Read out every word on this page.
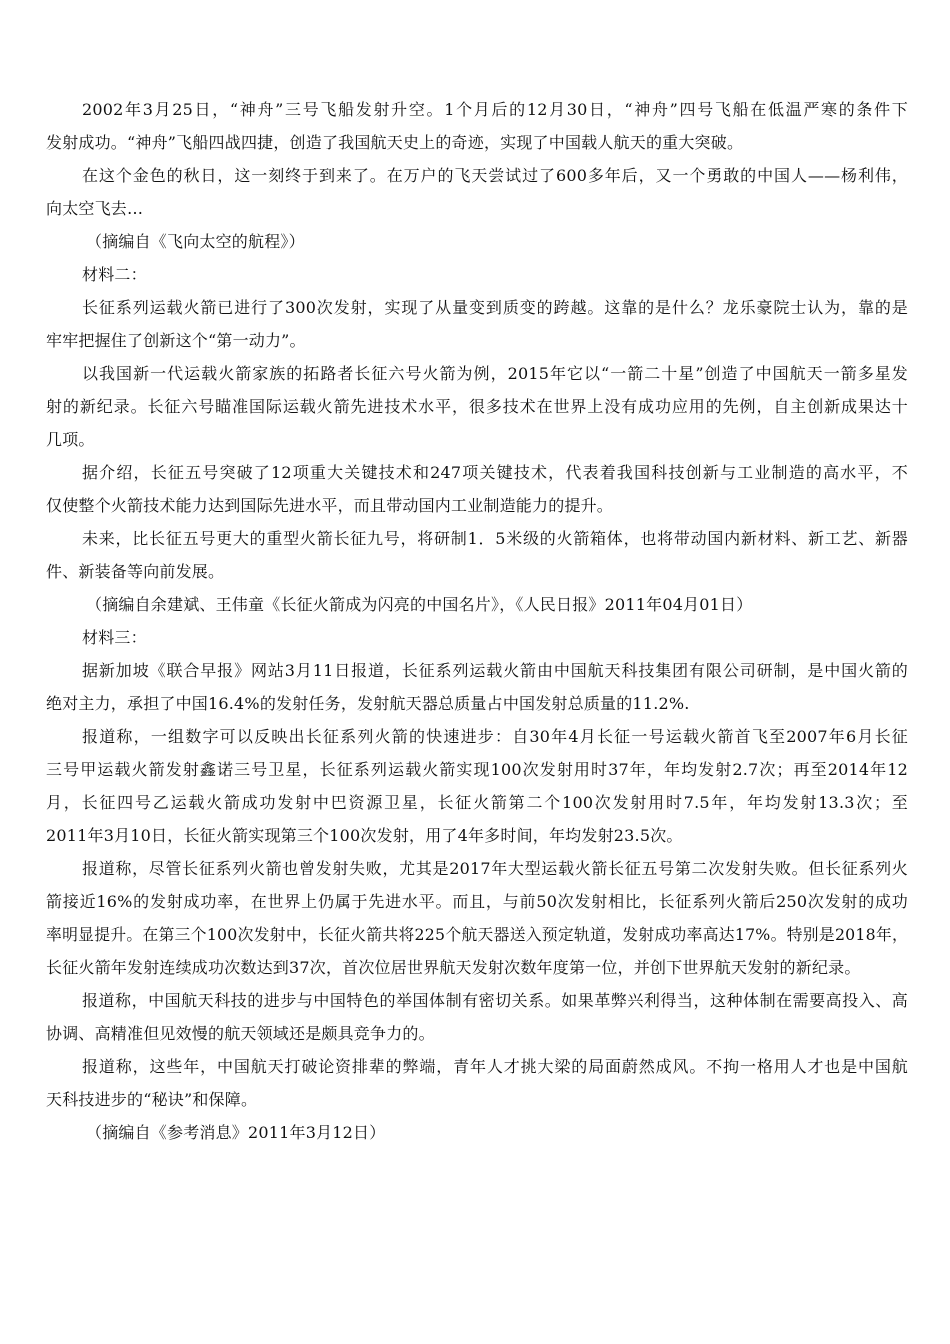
2002年3月25日，“神舟”三号飞船发射升空。1个月后的12月30日，“神舟”四号飞船在低温严寒的条件下
发射成功。“神舟”飞船四战四捷，创造了我国航天史上的奇迹，实现了中国载人航天的重大突破。
在这个金色的秋日，这一刻终于到来了。在万户的飞天尝试过了600多年后，又一个勇敢的中国人——杨利伟，
向太空飞去…
（摘编自《飞向太空的航程》）
材料二：
长征系列运载火箭已进行了300次发射，实现了从量变到质变的跨越。这靠的是什么？龙乐豪院士认为，靠的是
牢牢把握住了创新这个“第一动力”。
以我国新一代运载火箭家族的拓路者长征六号火箭为例，2015年它以“一箭二十星”创造了中国航天一箭多星发
射的新纪录。长征六号瞄准国际运载火箭先进技术水平，很多技术在世界上没有成功应用的先例，自主创新成果达十
几项。
据介绍，长征五号突破了12项重大关键技术和247项关键技术，代表着我国科技创新与工业制造的高水平，不
仅使整个火箭技术能力达到国际先进水平，而且带动国内工业制造能力的提升。
未来，比长征五号更大的重型火箭长征九号，将研制1．5米级的火箭箱体，也将带动国内新材料、新工艺、新器
件、新装备等向前发展。
（摘编自余建斌、王伟童《长征火箭成为闪亮的中国名片》，《人民日报》2011年04月01日）
材料三：
据新加坡《联合早报》网站3月11日报道，长征系列运载火箭由中国航天科技集团有限公司研制，是中国火箭的
绝对主力，承担了中国16.4%的发射任务，发射航天器总质量占中国发射总质量的11.2%.
报道称，一组数字可以反映出长征系列火箭的快速进步：自30年4月长征一号运载火箭首飞至2007年6月长征
三号甲运载火箭发射鑫诺三号卫星，长征系列运载火箭实现100次发射用时37年，年均发射2.7次；再至2014年12
月，长征四号乙运载火箭成功发射中巴资源卫星，长征火箭第二个100次发射用时7.5年，年均发射13.3次；至
2011年3月10日，长征火箭实现第三个100次发射，用了4年多时间，年均发射23.5次。
报道称，尽管长征系列火箭也曾发射失败，尤其是2017年大型运载火箭长征五号第二次发射失败。但长征系列火
箭接近16%的发射成功率，在世界上仍属于先进水平。而且，与前50次发射相比，长征系列火箭后250次发射的成功
率明显提升。在第三个100次发射中，长征火箭共将225个航天器送入预定轨道，发射成功率高达17%。特别是2018年，
长征火箭年发射连续成功次数达到37次，首次位居世界航天发射次数年度第一位，并创下世界航天发射的新纪录。
报道称，中国航天科技的进步与中国特色的举国体制有密切关系。如果革弊兴利得当，这种体制在需要高投入、高
协调、高精准但见效慢的航天领域还是颇具竞争力的。
报道称，这些年，中国航天打破论资排辈的弊端，青年人才挑大梁的局面蔚然成风。不拘一格用人才也是中国航
天科技进步的“秘诀”和保障。
（摘编自《参考消息》2011年3月12日）
